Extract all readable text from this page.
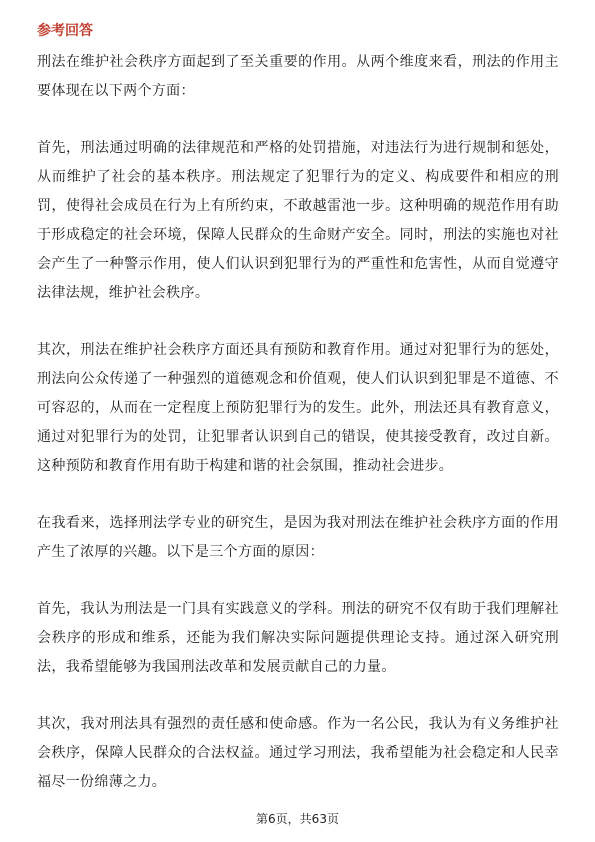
参考回答

刑法在维护社会秩序方面起到了至关重要的作用。从两个维度来看，刑法的作用主要体现在以下两个方面：

首先，刑法通过明确的法律规范和严格的处罚措施，对违法行为进行规制和惩处，从而维护了社会的基本秩序。刑法规定了犯罪行为的定义、构成要件和相应的刑罚，使得社会成员在行为上有所约束，不敢越雷池一步。这种明确的规范作用有助于形成稳定的社会环境，保障人民群众的生命财产安全。同时，刑法的实施也对社会产生了一种警示作用，使人们认识到犯罪行为的严重性和危害性，从而自觉遵守法律法规，维护社会秩序。

其次，刑法在维护社会秩序方面还具有预防和教育作用。通过对犯罪行为的惩处，刑法向公众传递了一种强烈的道德观念和价值观，使人们认识到犯罪是不道德、不可容忍的，从而在一定程度上预防犯罪行为的发生。此外，刑法还具有教育意义，通过对犯罪行为的处罚，让犯罪者认识到自己的错误，使其接受教育，改过自新。这种预防和教育作用有助于构建和谐的社会氛围，推动社会进步。

在我看来，选择刑法学专业的研究生，是因为我对刑法在维护社会秩序方面的作用产生了浓厚的兴趣。以下是三个方面的原因：

首先，我认为刑法是一门具有实践意义的学科。刑法的研究不仅有助于我们理解社会秩序的形成和维系，还能为我们解决实际问题提供理论支持。通过深入研究刑法，我希望能够为我国刑法改革和发展贡献自己的力量。

其次，我对刑法具有强烈的责任感和使命感。作为一名公民，我认为有义务维护社会秩序，保障人民群众的合法权益。通过学习刑法，我希望能为社会稳定和人民幸福尽一份绵薄之力。

第6页，共63页
